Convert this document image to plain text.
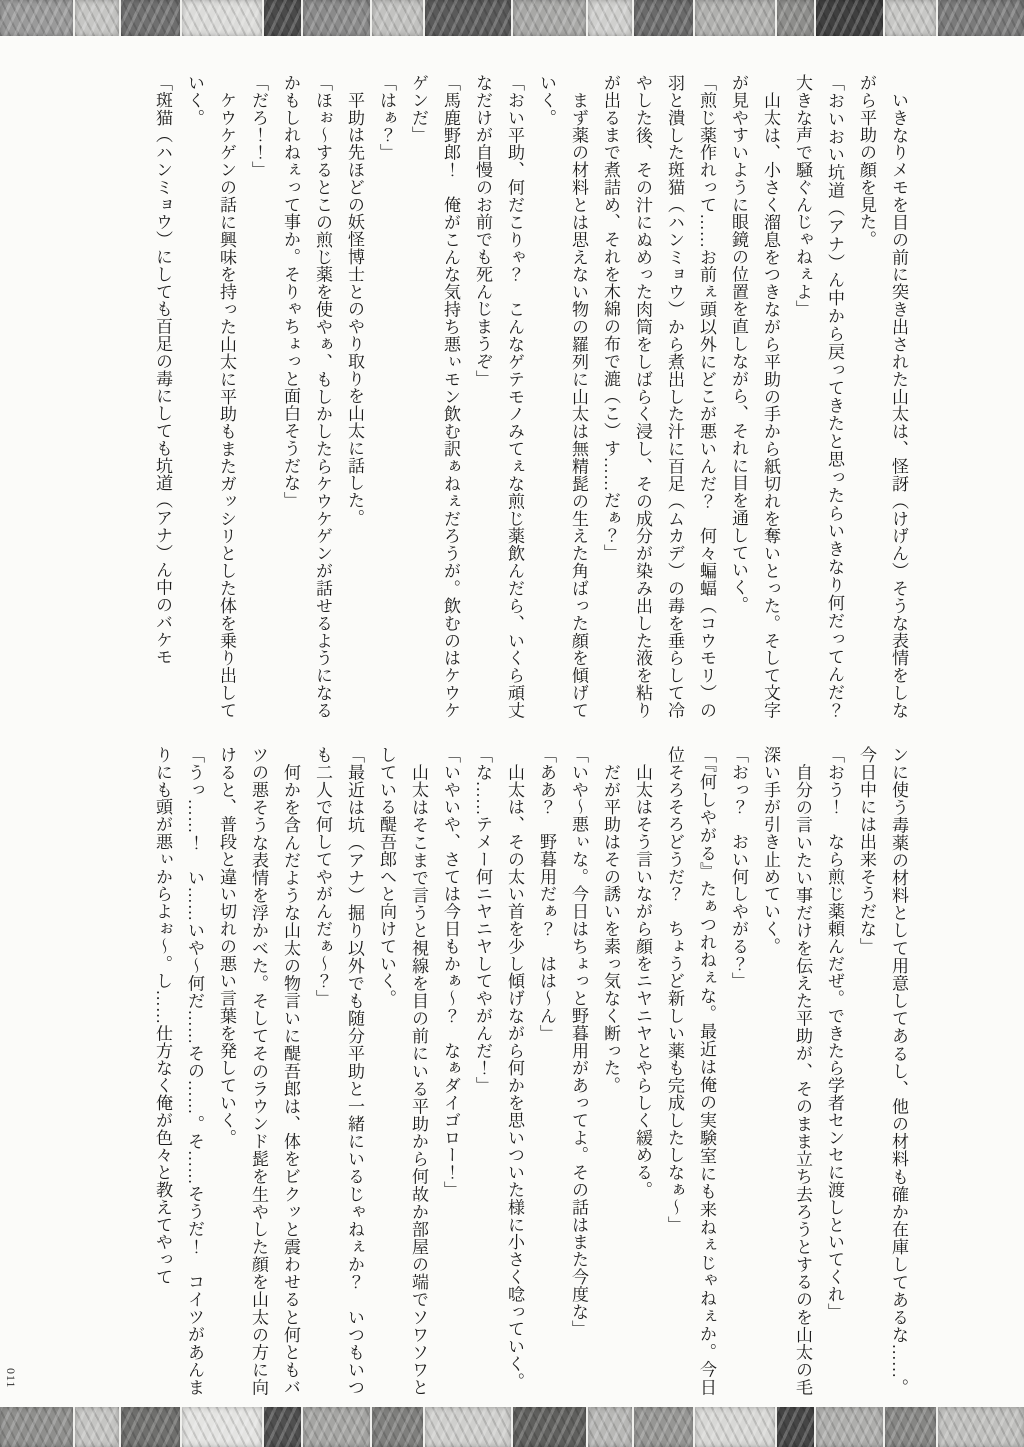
　いきなりメモを目の前に突き出された山太は、怪訝（けげん）そうな表情をしながら平助の顔を見た。

「おいおい坑道（アナ）ん中から戻ってきたと思ったらいきなり何だってんだ？　大きな声で騒ぐんじゃねぇよ」

　山太は、小さく溜息をつきながら平助の手から紙切れを奪いとった。そして文字が見やすいように眼鏡の位置を直しながら、それに目を通していく。

「煎じ薬作れって……お前ぇ頭以外にどこが悪いんだ？　何々蝙蝠（コウモリ）の羽と潰した斑猫（ハンミョウ）から煮出した汁に百足（ムカデ）の毒を垂らして冷やした後、その汁にぬめった肉筒をしばらく浸し、その成分が染み出した液を粘りが出るまで煮詰め、それを木綿の布で漉（こ）す……だぁ？」

　まず薬の材料とは思えない物の羅列に山太は無精髭の生えた角ばった顔を傾げていく。

「おい平助、何だこりゃ？　こんなゲテモノみてぇな煎じ薬飲んだら、いくら頑丈なだけが自慢のお前でも死んじまうぞ」

「馬鹿野郎！　俺がこんな気持ち悪ぃモン飲む訳ぁねぇだろうが。飲むのはケウケゲンだ」

「はぁ？」

　平助は先ほどの妖怪博士とのやり取りを山太に話した。

「ほぉ〜するとこの煎じ薬を使やぁ、もしかしたらケウケゲンが話せるようになるかもしれねぇって事か。そりゃちょっと面白そうだな」

「だろ！！」

　ケウケゲンの話に興味を持った山太に平助もまたガッシリとした体を乗り出していく。

「斑猫（ハンミョウ）にしても百足の毒にしても坑道（アナ）ん中のバケモ

ンに使う毒薬の材料として用意してあるし、他の材料も確か在庫してあるな……。今日中には出来そうだな」

「おう！　なら煎じ薬頼んだぜ。できたら学者センセに渡しといてくれ」

　自分の言いたい事だけを伝えた平助が、そのまま立ち去ろうとするのを山太の毛深い手が引き止めていく。

「おっ？　おい何しやがる？」

「『何しやがる』たぁつれねぇな。最近は俺の実験室にも来ねぇじゃねぇか。今日位そろそろどうだ？　ちょうど新しい薬も完成したしなぁ〜」

　山太はそう言いながら顔をニヤニヤとやらしく緩める。

　だが平助はその誘いを素っ気なく断った。

「いや〜悪ぃな。今日はちょっと野暮用があってよ。その話はまた今度な」

「ああ？　野暮用だぁ？　はは〜ん」

　山太は、その太い首を少し傾げながら何かを思いついた様に小さく唸っていく。

「な……テメー何ニヤニヤしてやがんだ！」

「いやいや、さては今日もかぁ〜？　なぁダイゴロー！」

　山太はそこまで言うと視線を目の前にいる平助から何故か部屋の端でソワソワとしている醍吾郎へと向けていく。

「最近は坑（アナ）掘り以外でも随分平助と一緒にいるじゃねぇか？　いつもいつも二人で何してやがんだぁ〜？」

　何かを含んだような山太の物言いに醍吾郎は、体をビクッと震わせると何ともバツの悪そうな表情を浮かべた。そしてそのラウンド髭を生やした顔を山太の方に向けると、普段と違い切れの悪い言葉を発していく。

「うっ……！　い……いや〜何だ……その……。そ……そうだ！　コイツがあんまりにも頭が悪ぃからよぉ〜。し……仕方なく俺が色々と教えてやって

011
